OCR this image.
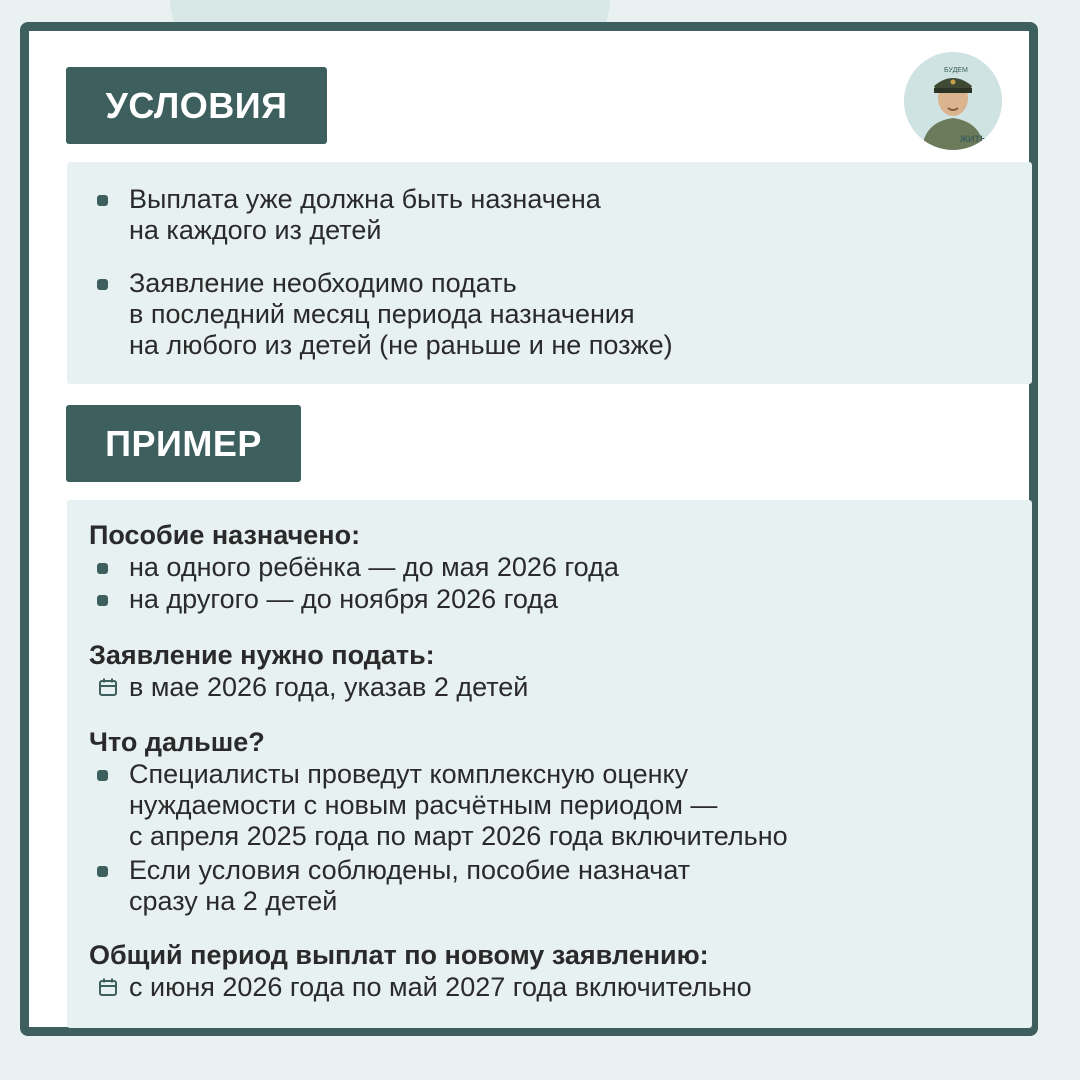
БУДЕМ
ЖИТЬ
УСЛОВИЯ
Выплата уже должна быть назначена
на каждого из детей
Заявление необходимо подать
в последний месяц периода назначения
на любого из детей (не раньше и не позже)
ПРИМЕР
Пособие назначено:
на одного ребёнка — до мая 2026 года
на другого — до ноября 2026 года
Заявление нужно подать:
в мае 2026 года, указав 2 детей
Что дальше?
Специалисты проведут комплексную оценку
нуждаемости с новым расчётным периодом —
с апреля 2025 года по март 2026 года включительно
Если условия соблюдены, пособие назначат
сразу на 2 детей
Общий период выплат по новому заявлению:
с июня 2026 года по май 2027 года включительно
